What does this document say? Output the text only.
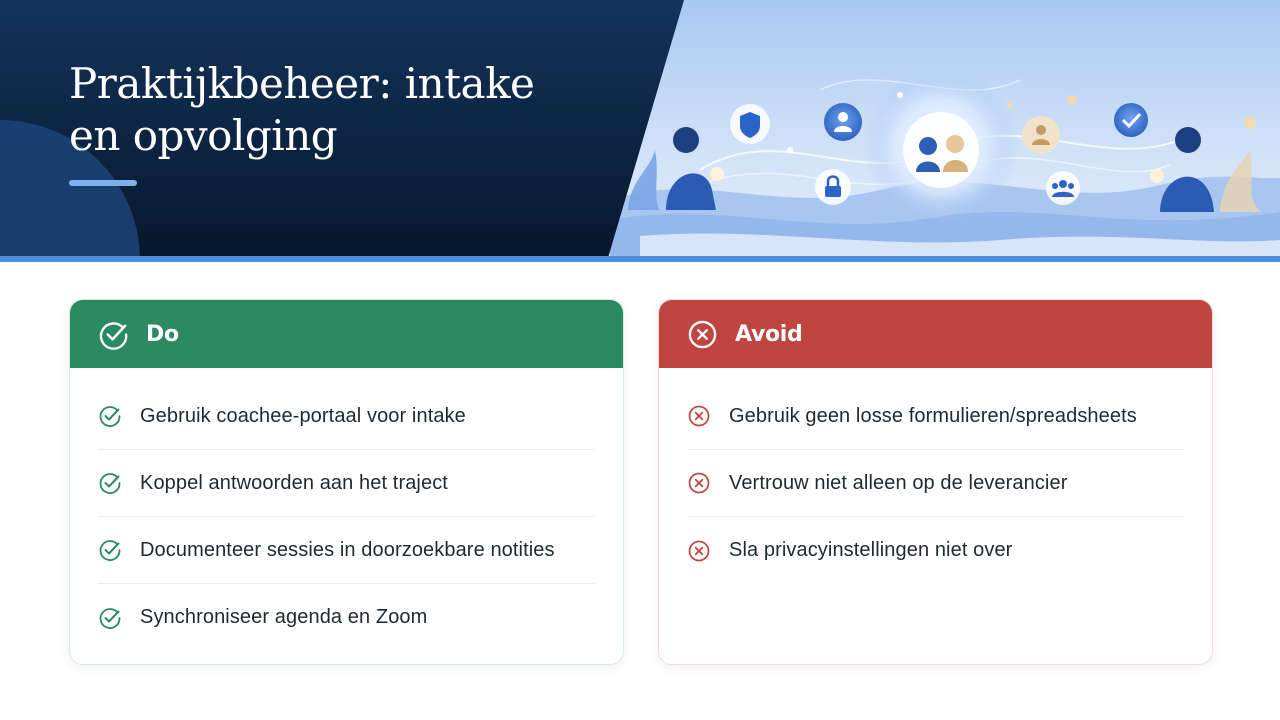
Praktijkbeheer: intake
en opvolging
Do
Gebruik coachee-portaal voor intake
Koppel antwoorden aan het traject
Documenteer sessies in doorzoekbare notities
Synchroniseer agenda en Zoom
Avoid
Gebruik geen losse formulieren/spreadsheets
Vertrouw niet alleen op de leverancier
Sla privacyinstellingen niet over
